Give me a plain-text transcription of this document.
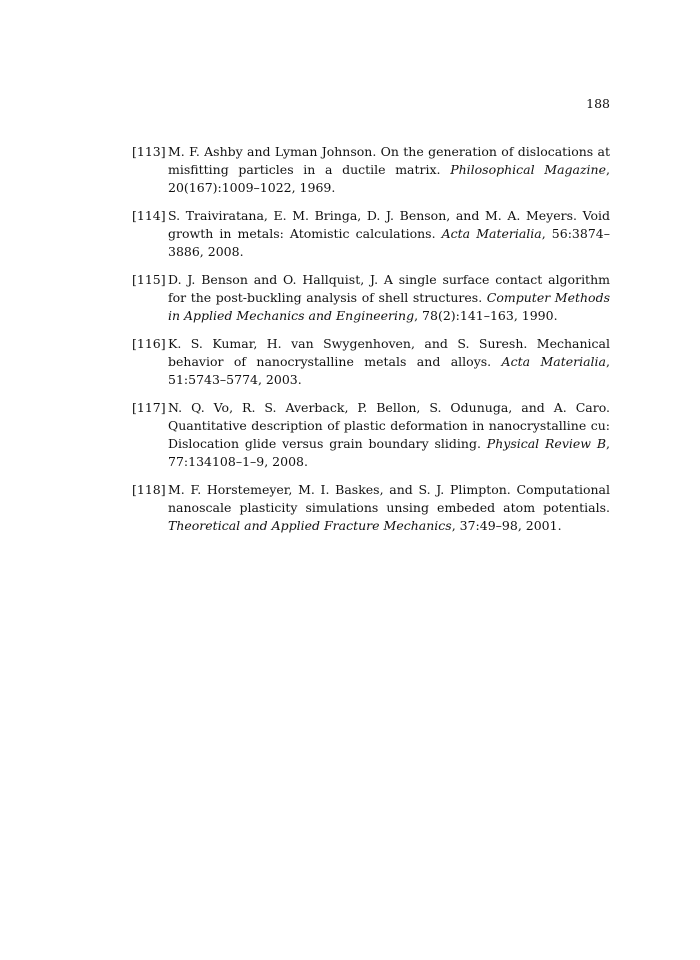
188
[113] M. F. Ashby and Lyman Johnson. On the generation of dislocations at misfitting particles in a ductile matrix. Philosophical Magazine, 20(167):1009–1022, 1969.
[114] S. Traiviratana, E. M. Bringa, D. J. Benson, and M. A. Meyers. Void growth in metals: Atomistic calculations. Acta Materialia, 56:3874–3886, 2008.
[115] D. J. Benson and O. Hallquist, J. A single surface contact algorithm for the post-buckling analysis of shell structures. Computer Methods in Applied Mechanics and Engineering, 78(2):141–163, 1990.
[116] K. S. Kumar, H. van Swygenhoven, and S. Suresh. Mechanical behavior of nanocrystalline metals and alloys. Acta Materialia, 51:5743–5774, 2003.
[117] N. Q. Vo, R. S. Averback, P. Bellon, S. Odunuga, and A. Caro. Quantitative description of plastic deformation in nanocrystalline cu: Dislocation glide versus grain boundary sliding. Physical Review B, 77:134108–1–9, 2008.
[118] M. F. Horstemeyer, M. I. Baskes, and S. J. Plimpton. Computational nanoscale plasticity simulations unsing embeded atom potentials. Theoretical and Applied Fracture Mechanics, 37:49–98, 2001.
